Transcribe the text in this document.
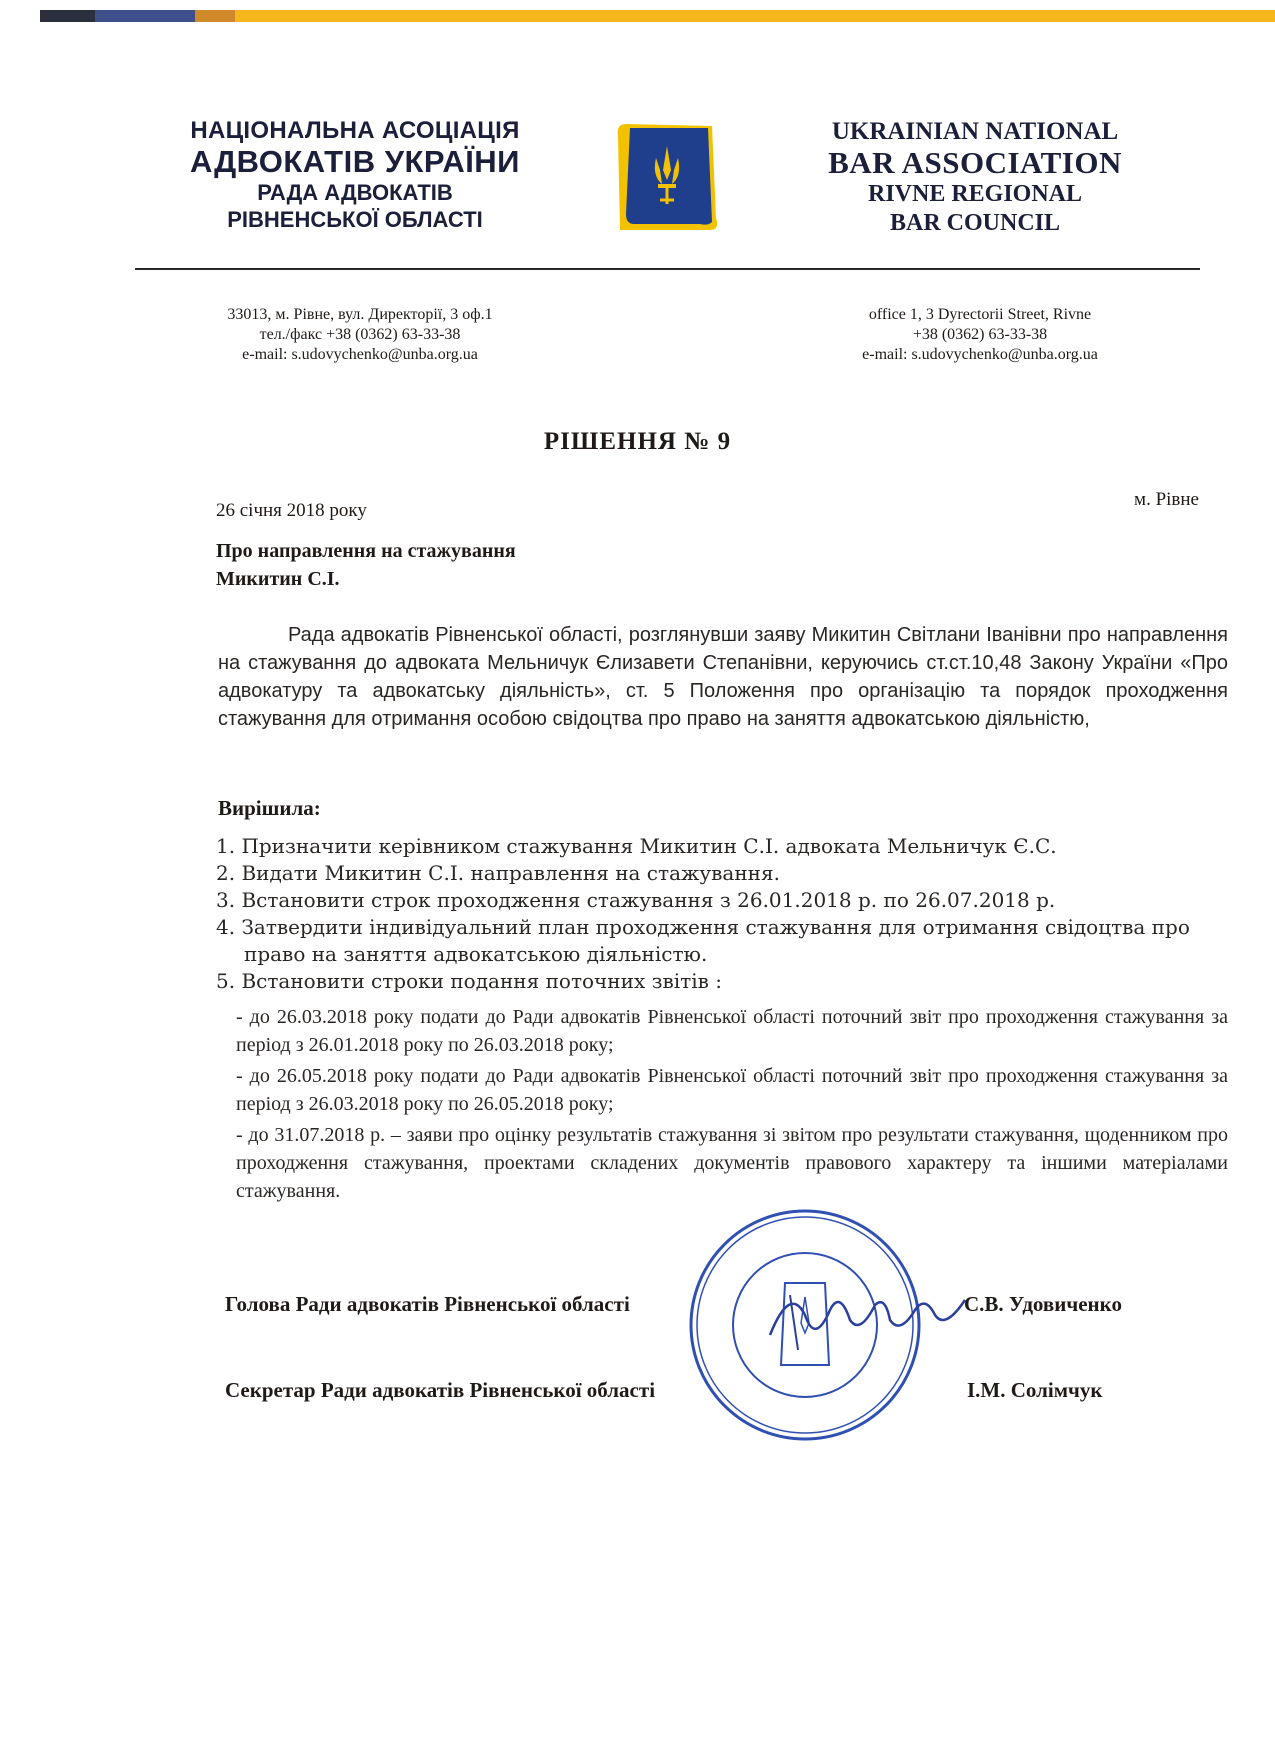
НАЦІОНАЛЬНА АСОЦІАЦІЯ
АДВОКАТІВ УКРАЇНИ
РАДА АДВОКАТІВ
РІВНЕНСЬКОЇ ОБЛАСТІ
UKRAINIAN NATIONAL
BAR ASSOCIATION
RIVNE REGIONAL
BAR COUNCIL
33013, м. Рівне, вул. Директорії, 3 оф.1
тел./факс +38 (0362) 63-33-38
e-mail: s.udovychenko@unba.org.ua
office 1, 3 Dyrectorii Street, Rivne
+38 (0362) 63-33-38
e-mail: s.udovychenko@unba.org.ua
РІШЕННЯ № 9
26 січня 2018 року
м. Рівне
Про направлення на стажування
Микитин С.І.
Рада адвокатів Рівненської області, розглянувши заяву Микитин Світлани Іванівни про направлення на стажування до адвоката Мельничук Єлизавети Степанівни, керуючись ст.ст.10,48 Закону України «Про адвокатуру та адвокатську діяльність», ст. 5 Положення про організацію та порядок проходження стажування для отримання особою свідоцтва про право на заняття адвокатською діяльністю,
Вирішила:
1. Призначити керівником стажування Микитин С.І. адвоката Мельничук Є.С.
2. Видати Микитин С.І. направлення на стажування.
3. Встановити строк проходження стажування з 26.01.2018 р. по 26.07.2018 р.
4. Затвердити індивідуальний план проходження стажування для отримання свідоцтва про
право на заняття адвокатською діяльністю.
5. Встановити строки подання поточних звітів :
- до 26.03.2018 року подати до Ради адвокатів Рівненської області поточний звіт про проходження стажування за період з 26.01.2018 року по 26.03.2018 року;
- до 26.05.2018 року подати до Ради адвокатів Рівненської області поточний звіт про проходження стажування за період з 26.03.2018 року по 26.05.2018 року;
- до 31.07.2018 р. – заяви про оцінку результатів стажування зі звітом про результати стажування, щоденником про проходження стажування, проектами складених документів правового характеру та іншими матеріалами стажування.
Голова Ради адвокатів Рівненської області	С.В. Удовиченко
Секретар Ради адвокатів Рівненської області	І.М. Солімчук
